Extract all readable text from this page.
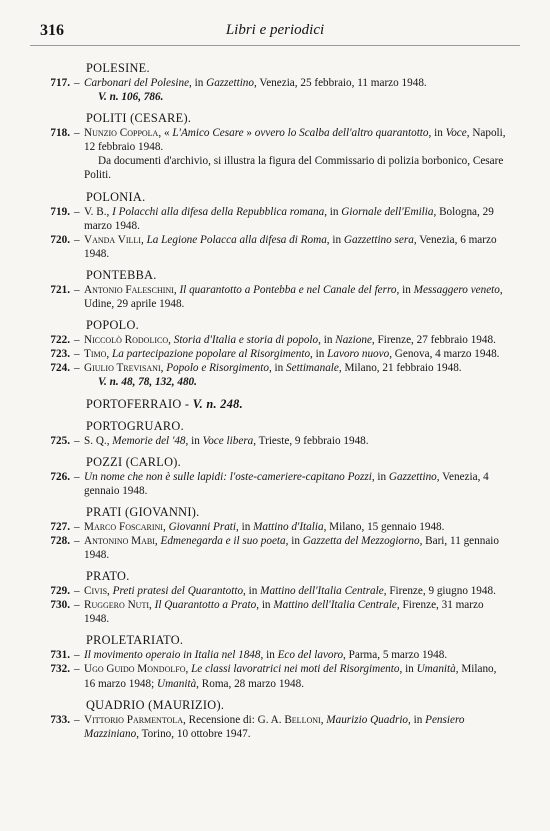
316	Libri e periodici
POLESINE.
717. – Carbonari del Polesine, in Gazzettino, Venezia, 25 febbraio, 11 marzo 1948.
V. n. 106, 786.
POLITI (CESARE).
718. – Nunzio Coppola, « L'Amico Cesare » ovvero lo Scalba dell'altro quarantotto, in Voce, Napoli, 12 febbraio 1948.
Da documenti d'archivio, si illustra la figura del Commissario di polizia borbonico, Cesare Politi.
POLONIA.
719. – V. B., I Polacchi alla difesa della Repubblica romana, in Giornale dell'Emilia, Bologna, 29 marzo 1948.
720. – Vanda Villi, La Legione Polacca alla difesa di Roma, in Gazzettino sera, Venezia, 6 marzo 1948.
PONTEBBA.
721. – Antonio Faleschini, Il quarantotto a Pontebba e nel Canale del ferro, in Messaggero veneto, Udine, 29 aprile 1948.
POPOLO.
722. – Niccolò Rodolico, Storia d'Italia e storia di popolo, in Nazione, Firenze, 27 febbraio 1948.
723. – Timo, La partecipazione popolare al Risorgimento, in Lavoro nuovo, Genova, 4 marzo 1948.
724. – Giulio Trevisani, Popolo e Risorgimento, in Settimanale, Milano, 21 febbraio 1948.
V. n. 48, 78, 132, 480.
PORTOFERRAIO - V. n. 248.
PORTOGRUARO.
725. – S. Q., Memorie del '48, in Voce libera, Trieste, 9 febbraio 1948.
POZZI (CARLO).
726. – Un nome che non è sulle lapidi: l'oste-cameriere-capitano Pozzi, in Gazzettino, Venezia, 4 gennaio 1948.
PRATI (GIOVANNI).
727. – Marco Foscarini, Giovanni Prati, in Mattino d'Italia, Milano, 15 gennaio 1948.
728. – Antonino Mabi, Edmenegarda e il suo poeta, in Gazzetta del Mezzogiorno, Bari, 11 gennaio 1948.
PRATO.
729. – Civis, Preti pratesi del Quarantotto, in Mattino dell'Italia Centrale, Firenze, 9 giugno 1948.
730. – Ruggero Nuti, Il Quarantotto a Prato, in Mattino dell'Italia Centrale, Firenze, 31 marzo 1948.
PROLETARIATO.
731. – Il movimento operaio in Italia nel 1848, in Eco del lavoro, Parma, 5 marzo 1948.
732. – Ugo Guido Mondolfo, Le classi lavoratrici nei moti del Risorgimento, in Umanità, Milano, 16 marzo 1948; Umanità, Roma, 28 marzo 1948.
QUADRIO (MAURIZIO).
733. – Vittorio Parmentola, Recensione di: G. A. Belloni, Maurizio Quadrio, in Pensiero Mazziniano, Torino, 10 ottobre 1947.
